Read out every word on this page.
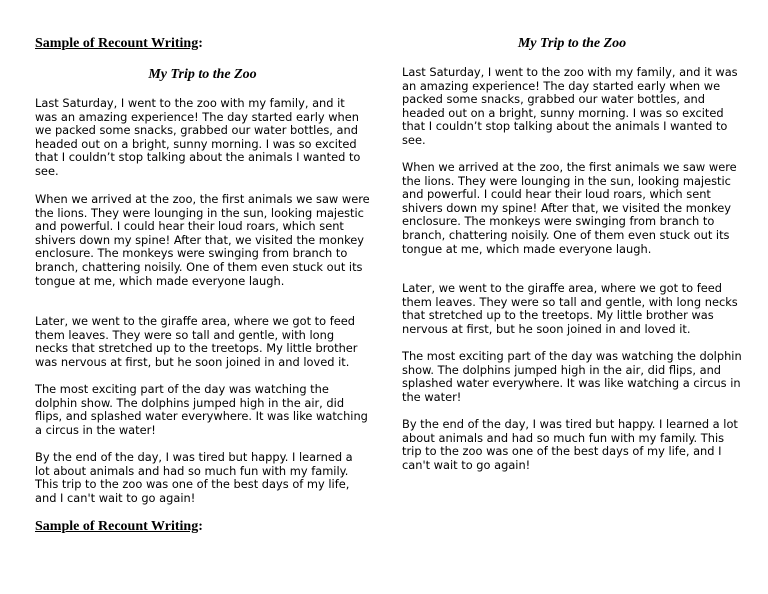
Sample of Recount Writing:
My Trip to the Zoo

Last Saturday, I went to the zoo with my family, and it was an amazing experience! The day started early when we packed some snacks, grabbed our water bottles, and headed out on a bright, sunny morning. I was so excited that I couldn’t stop talking about the animals I wanted to see.

When we arrived at the zoo, the first animals we saw were the lions. They were lounging in the sun, looking majestic and powerful. I could hear their loud roars, which sent shivers down my spine! After that, we visited the monkey enclosure. The monkeys were swinging from branch to branch, chattering noisily. One of them even stuck out its tongue at me, which made everyone laugh.

Later, we went to the giraffe area, where we got to feed them leaves. They were so tall and gentle, with long necks that stretched up to the treetops. My little brother was nervous at first, but he soon joined in and loved it.

The most exciting part of the day was watching the dolphin show. The dolphins jumped high in the air, did flips, and splashed water everywhere. It was like watching a circus in the water!

By the end of the day, I was tired but happy. I learned a lot about animals and had so much fun with my family. This trip to the zoo was one of the best days of my life, and I can't wait to go again!

Sample of Recount Writing:
My Trip to the Zoo

Last Saturday, I went to the zoo with my family, and it was an amazing experience! The day started early when we packed some snacks, grabbed our water bottles, and headed out on a bright, sunny morning. I was so excited that I couldn’t stop talking about the animals I wanted to see.

When we arrived at the zoo, the first animals we saw were the lions. They were lounging in the sun, looking majestic and powerful. I could hear their loud roars, which sent shivers down my spine! After that, we visited the monkey enclosure. The monkeys were swinging from branch to branch, chattering noisily. One of them even stuck out its tongue at me, which made everyone laugh.

Later, we went to the giraffe area, where we got to feed them leaves. They were so tall and gentle, with long necks that stretched up to the treetops. My little brother was nervous at first, but he soon joined in and loved it.

The most exciting part of the day was watching the dolphin show. The dolphins jumped high in the air, did flips, and splashed water everywhere. It was like watching a circus in the water!

By the end of the day, I was tired but happy. I learned a lot about animals and had so much fun with my family. This trip to the zoo was one of the best days of my life, and I can't wait to go again!
